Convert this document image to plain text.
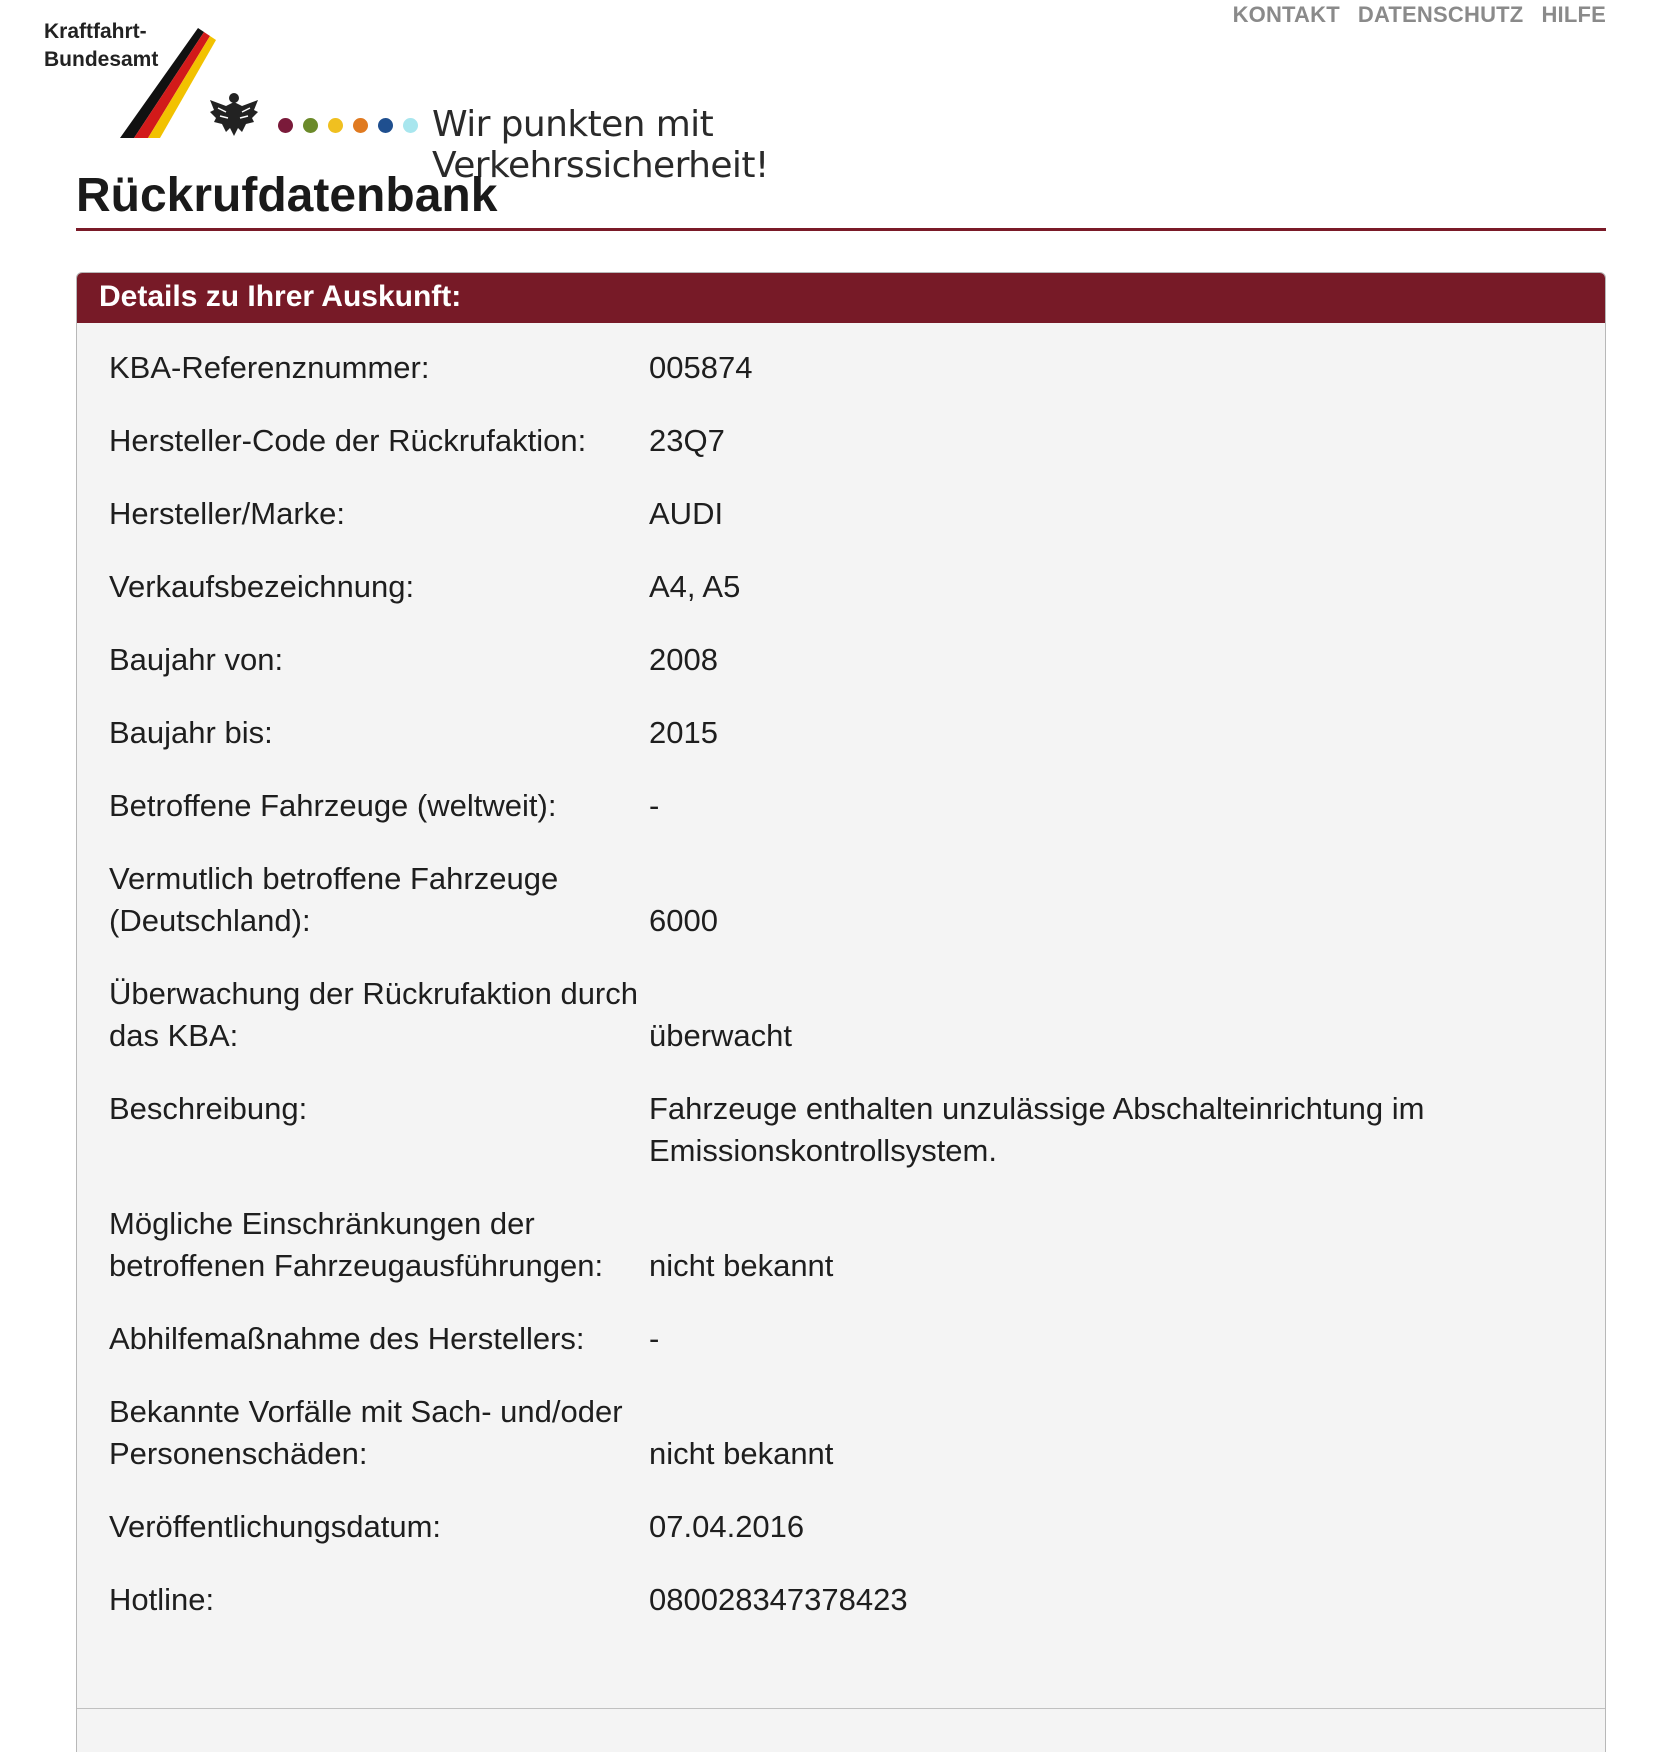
KONTAKT DATENSCHUTZ HILFE
Kraftfahrt-
Bundesamt
Wir punkten mit Verkehrssicherheit!
Rückrufdatenbank
Details zu Ihrer Auskunft:
KBA-Referenznummer:	005874
Hersteller-Code der Rückrufaktion:	23Q7
Hersteller/Marke:	AUDI
Verkaufsbezeichnung:	A4, A5
Baujahr von:	2008
Baujahr bis:	2015
Betroffene Fahrzeuge (weltweit):	-
Vermutlich betroffene Fahrzeuge (Deutschland):	6000
Überwachung der Rückrufaktion durch das KBA:	überwacht
Beschreibung:	Fahrzeuge enthalten unzulässige Abschalteinrichtung im Emissionskontrollsystem.
Mögliche Einschränkungen der betroffenen Fahrzeugausführungen:	nicht bekannt
Abhilfemaßnahme des Herstellers:	-
Bekannte Vorfälle mit Sach- und/oder Personenschäden:	nicht bekannt
Veröffentlichungsdatum:	07.04.2016
Hotline:	080028347378423
